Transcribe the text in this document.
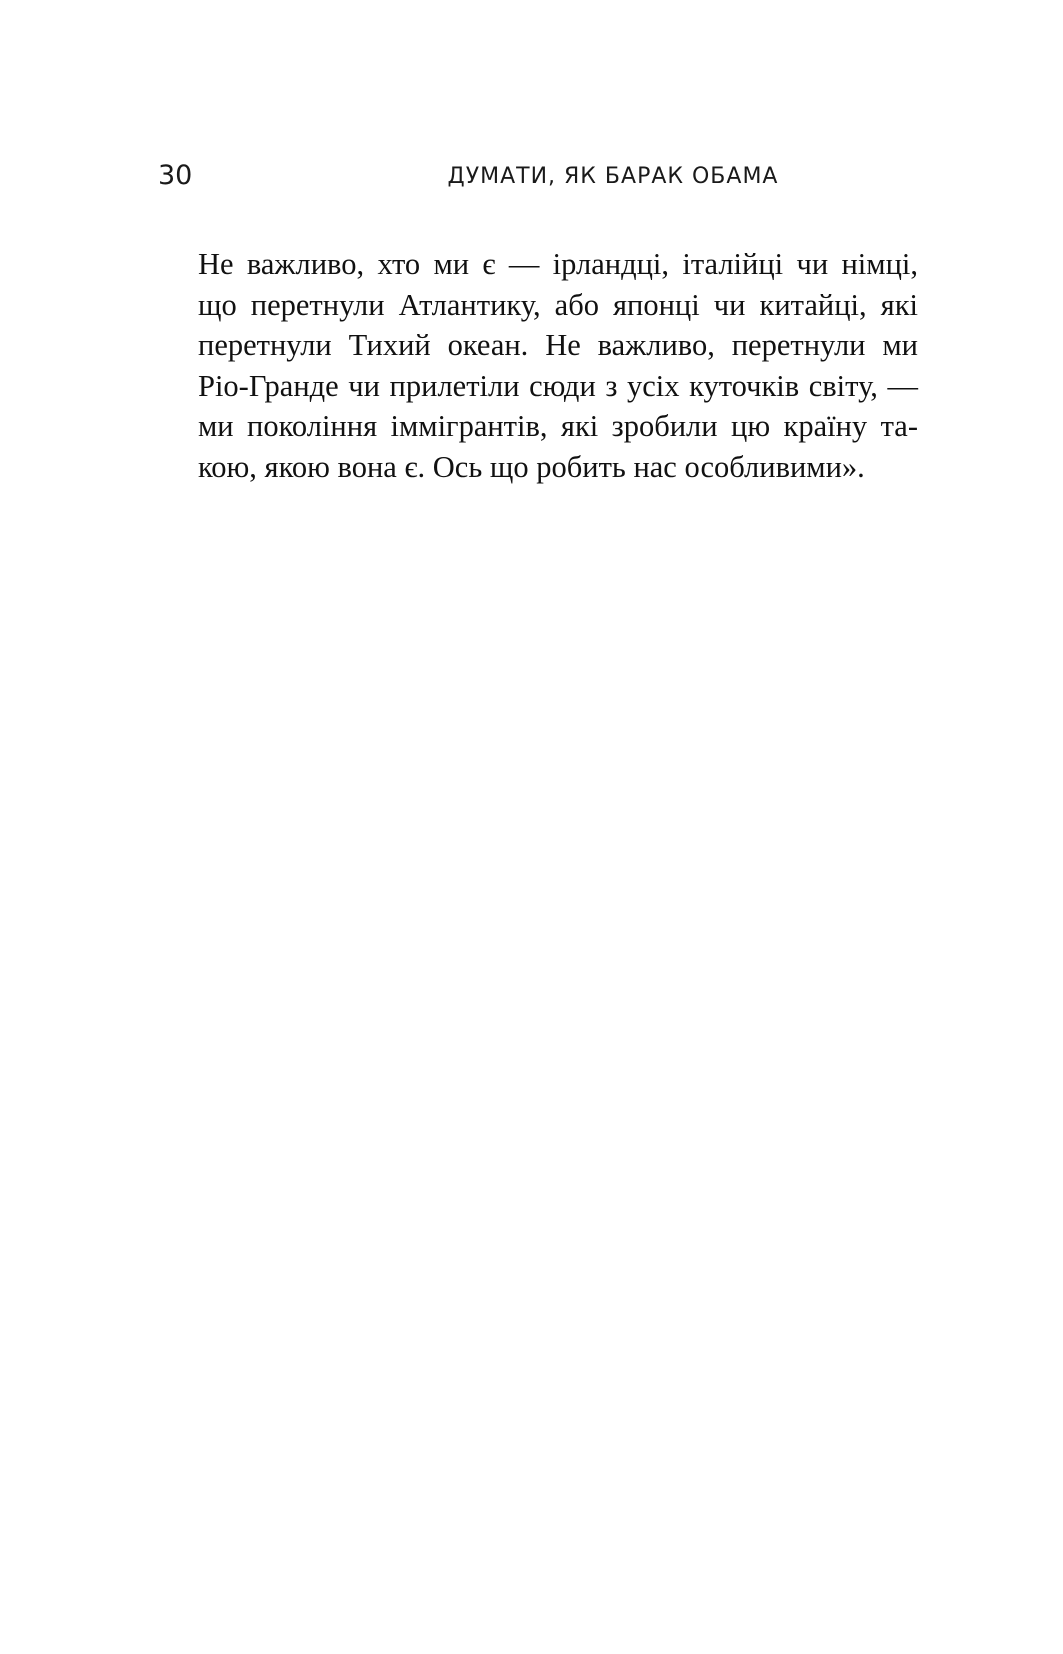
30	ДУМАТИ, ЯК БАРАК ОБАМА
Не важливо, хто ми є — ірландці, італійці чи німці,
що перетнули Атлантику, або японці чи китайці, які
перетнули Тихий океан. Не важливо, перетнули ми
Ріо-Гранде чи прилетіли сюди з усіх куточків світу, —
ми покоління іммігрантів, які зробили цю країну та-
кою, якою вона є. Ось що робить нас особливими».
